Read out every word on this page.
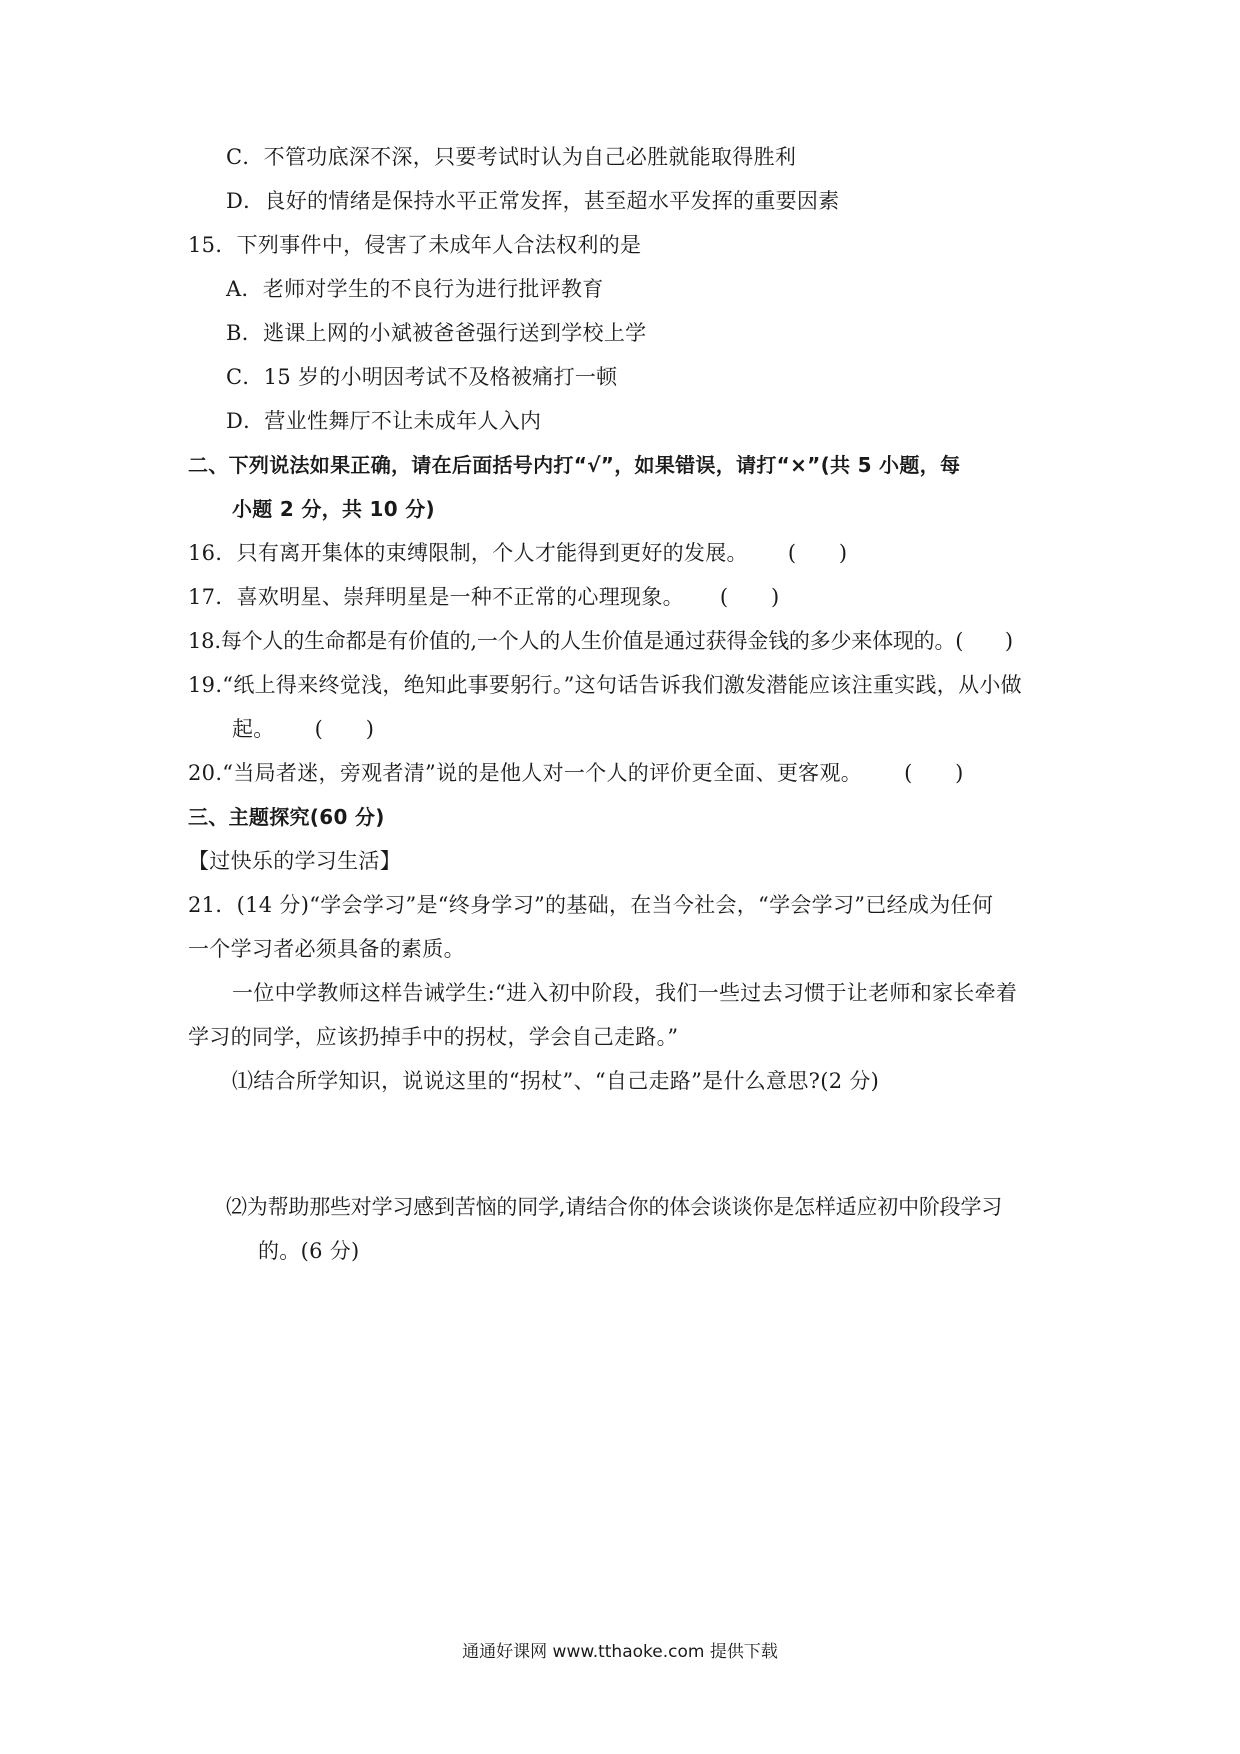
C．不管功底深不深，只要考试时认为自己必胜就能取得胜利
D．良好的情绪是保持水平正常发挥，甚至超水平发挥的重要因素
15．下列事件中，侵害了未成年人合法权利的是
A．老师对学生的不良行为进行批评教育
B．逃课上网的小斌被爸爸强行送到学校上学
C．15 岁的小明因考试不及格被痛打一顿
D．营业性舞厅不让未成年人入内
二、下列说法如果正确，请在后面括号内打“√”，如果错误，请打“×”(共 5 小题，每
小题 2 分，共 10 分)
16．只有离开集体的束缚限制，个人才能得到更好的发展。 (　　)
17．喜欢明星、崇拜明星是一种不正常的心理现象。 (　　)
18.每个人的生命都是有价值的,一个人的人生价值是通过获得金钱的多少来体现的。(　　)
19.“纸上得来终觉浅，绝知此事要躬行。”这句话告诉我们激发潜能应该注重实践，从小做
起。 (　　)
20.“当局者迷，旁观者清”说的是他人对一个人的评价更全面、更客观。 (　　)
三、主题探究(60 分)
【过快乐的学习生活】
21．(14 分)“学会学习”是“终身学习”的基础，在当今社会，“学会学习”已经成为任何
一个学习者必须具备的素质。
一位中学教师这样告诫学生:“进入初中阶段，我们一些过去习惯于让老师和家长牵着
学习的同学，应该扔掉手中的拐杖，学会自己走路。”
⑴结合所学知识，说说这里的“拐杖”、“自己走路”是什么意思?(2 分)
⑵为帮助那些对学习感到苦恼的同学,请结合你的体会谈谈你是怎样适应初中阶段学习
的。(6 分)
通通好课网 www.tthaoke.com 提供下载
